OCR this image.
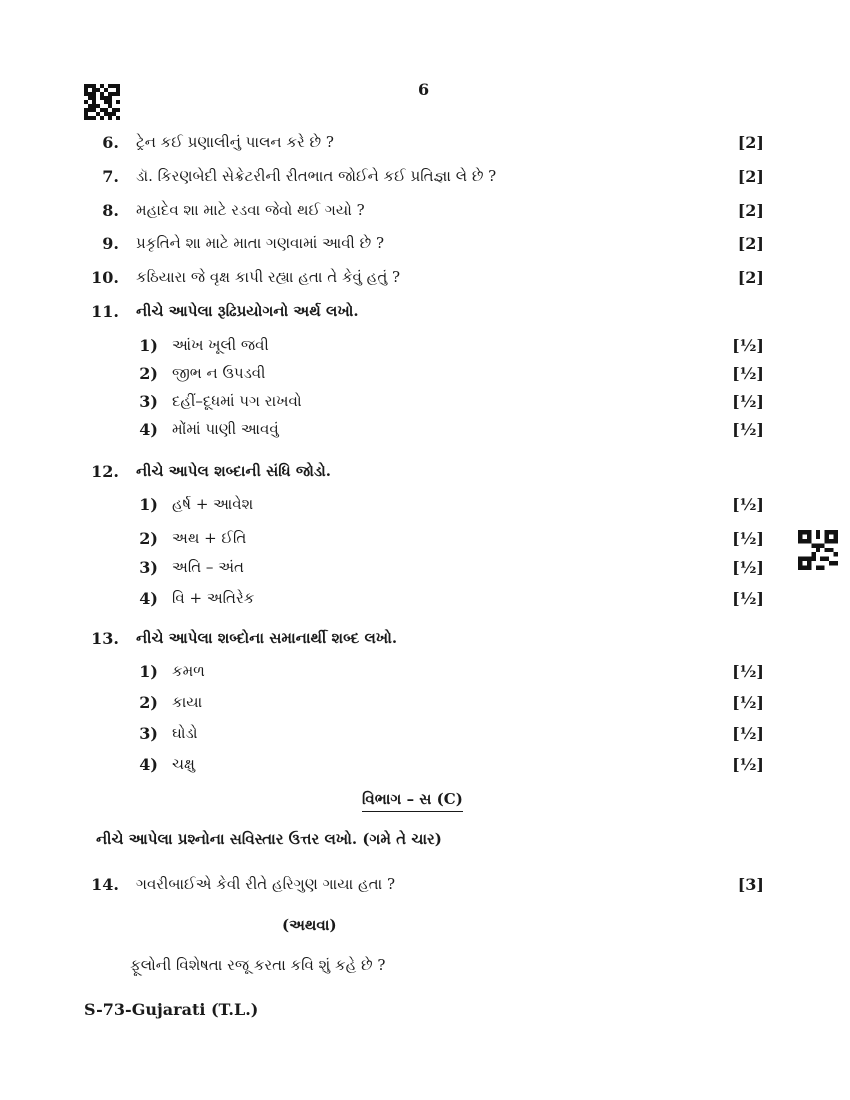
6
6. ટ્રેન કઈ પ્રણાલીનું પાલન કરે છે ?	[2]
7. ડૉ. કિરણબેદી સેક્રેટરીની રીતભાત જોઈને કઈ પ્રતિજ્ઞા લે છે ?	[2]
8. મહાદેવ શા માટે રડવા જેવો થઈ ગયો ?	[2]
9. પ્રકૃતિને શા માટે માતા ગણવામાં આવી છે ?	[2]
10. કઠિયારા જે વૃક્ષ કાપી રહ્યા હતા તે કેવું હતું ?	[2]
11. નીચે આપેલા રૂઢિપ્રયોગનો અર્થ લખો.
1) આંખ ખૂલી જવી	[½]
2) જીભ ન ઉપડવી	[½]
3) દહીં–દૂધમાં પગ રાખવો	[½]
4) મોંમાં પાણી આવવું	[½]
12. નીચે આપેલ શબ્દાની સંધિ જોડો.
1) હર્ષ + આવેશ	[½]
2) અથ + ઈતિ	[½]
3) અતિ – અંત	[½]
4) વિ + અતિરેક	[½]
13. નીચે આપેલા શબ્દોના સમાનાર્થી શબ્દ લખો.
1) કમળ	[½]
2) કાયા	[½]
3) ઘોડો	[½]
4) ચક્ષુ	[½]
વિભાગ – સ (C)
નીચે આપેલા પ્રશ્નોના સવિસ્તાર ઉત્તર લખો. (ગમે તે ચાર)
14. ગવરીબાઈએ કેવી રીતે હરિગુણ ગાયા હતા ?	[3]
(અથવા)
ફૂલોની વિશેષતા રજૂ કરતા કવિ શું કહે છે ?
S-73-Gujarati (T.L.)
